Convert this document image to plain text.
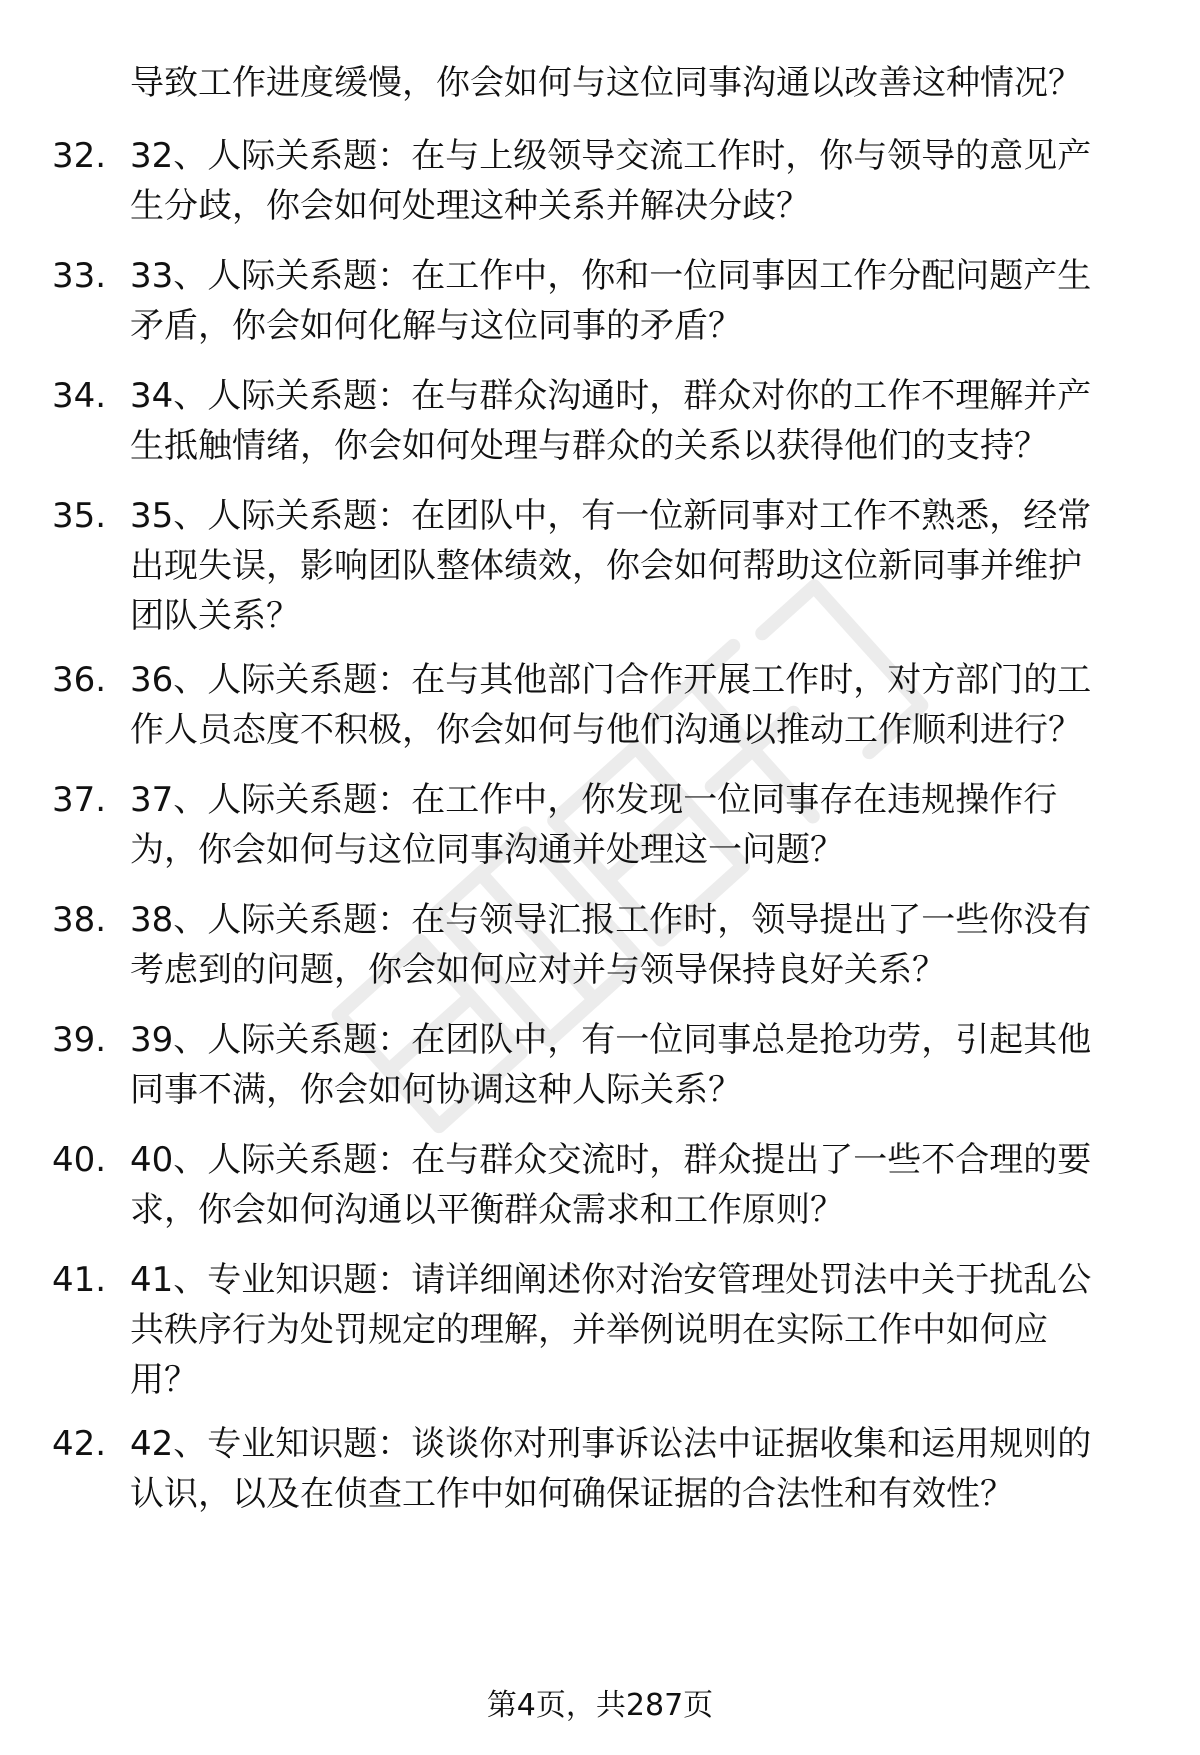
导致工作进度缓慢，你会如何与这位同事沟通以改善这种情况？
32. 32、人际关系题：在与上级领导交流工作时，你与领导的意见产
生分歧，你会如何处理这种关系并解决分歧？
33. 33、人际关系题：在工作中，你和一位同事因工作分配问题产生
矛盾，你会如何化解与这位同事的矛盾？
34. 34、人际关系题：在与群众沟通时，群众对你的工作不理解并产
生抵触情绪，你会如何处理与群众的关系以获得他们的支持？
35. 35、人际关系题：在团队中，有一位新同事对工作不熟悉，经常
出现失误，影响团队整体绩效，你会如何帮助这位新同事并维护
团队关系？
36. 36、人际关系题：在与其他部门合作开展工作时，对方部门的工
作人员态度不积极，你会如何与他们沟通以推动工作顺利进行？
37. 37、人际关系题：在工作中，你发现一位同事存在违规操作行
为，你会如何与这位同事沟通并处理这一问题？
38. 38、人际关系题：在与领导汇报工作时，领导提出了一些你没有
考虑到的问题，你会如何应对并与领导保持良好关系？
39. 39、人际关系题：在团队中，有一位同事总是抢功劳，引起其他
同事不满，你会如何协调这种人际关系？
40. 40、人际关系题：在与群众交流时，群众提出了一些不合理的要
求，你会如何沟通以平衡群众需求和工作原则？
41. 41、专业知识题：请详细阐述你对治安管理处罚法中关于扰乱公
共秩序行为处罚规定的理解，并举例说明在实际工作中如何应
用？
42. 42、专业知识题：谈谈你对刑事诉讼法中证据收集和运用规则的
认识，以及在侦查工作中如何确保证据的合法性和有效性？
第4页，共287页
